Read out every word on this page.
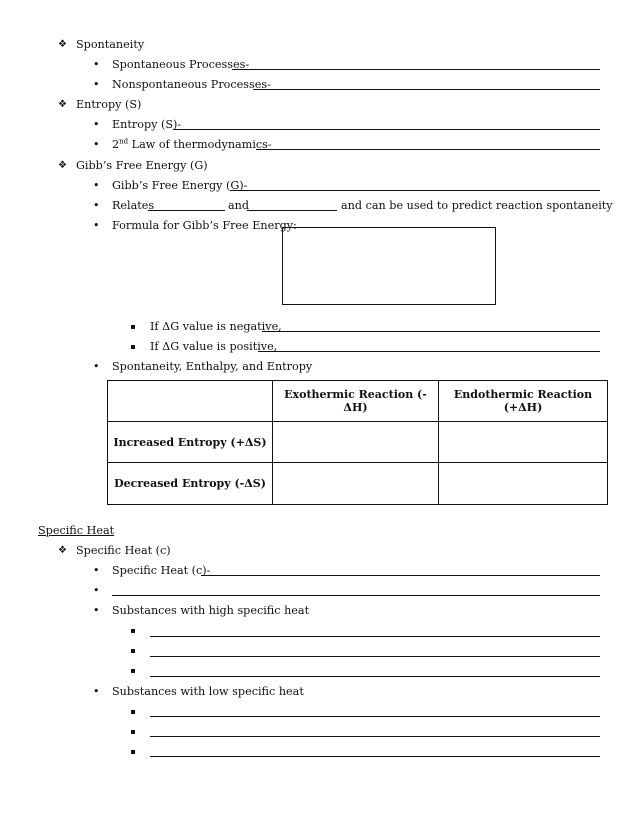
❖ Spontaneity
• Spontaneous Processes-
• Nonspontaneous Processes-
❖ Entropy (S)
• Entropy (S)-
• 2nd Law of thermodynamics-
❖ Gibb’s Free Energy (G)
• Gibb’s Free Energy (G)-
• Relates	and	and can be used to predict reaction spontaneity
• Formula for Gibb’s Free Energy:
If ΔG value is negative,
If ΔG value is positive,
• Spontaneity, Enthalpy, and Entropy
	Exothermic Reaction (-ΔH)	Endothermic Reaction (+ΔH)
Increased Entropy (+ΔS)		
Decreased Entropy (-ΔS)		
Specific Heat
❖ Specific Heat (c)
• Specific Heat (c)-
•
• Substances with high specific heat
• Substances with low specific heat
